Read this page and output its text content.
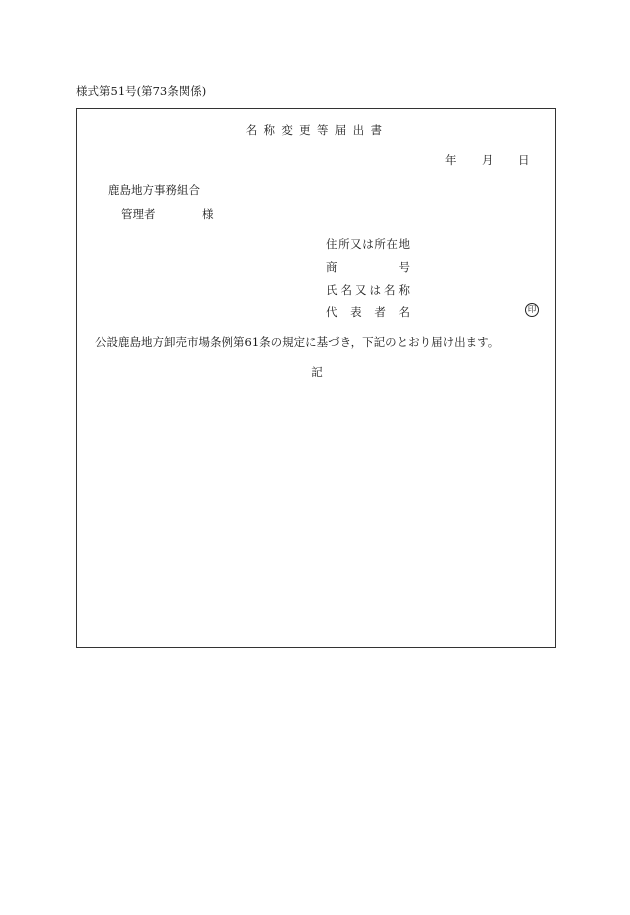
様式第51号(第73条関係)
名称変更等届出書
年 月 日
鹿島地方事務組合
管理者	様
住 所 又 は 所 在 地
商	号
氏 名 又 は 名 称
代 表 者 名	印
公設鹿島地方卸売市場条例第61条の規定に基づき，下記のとおり届け出ます。
記
